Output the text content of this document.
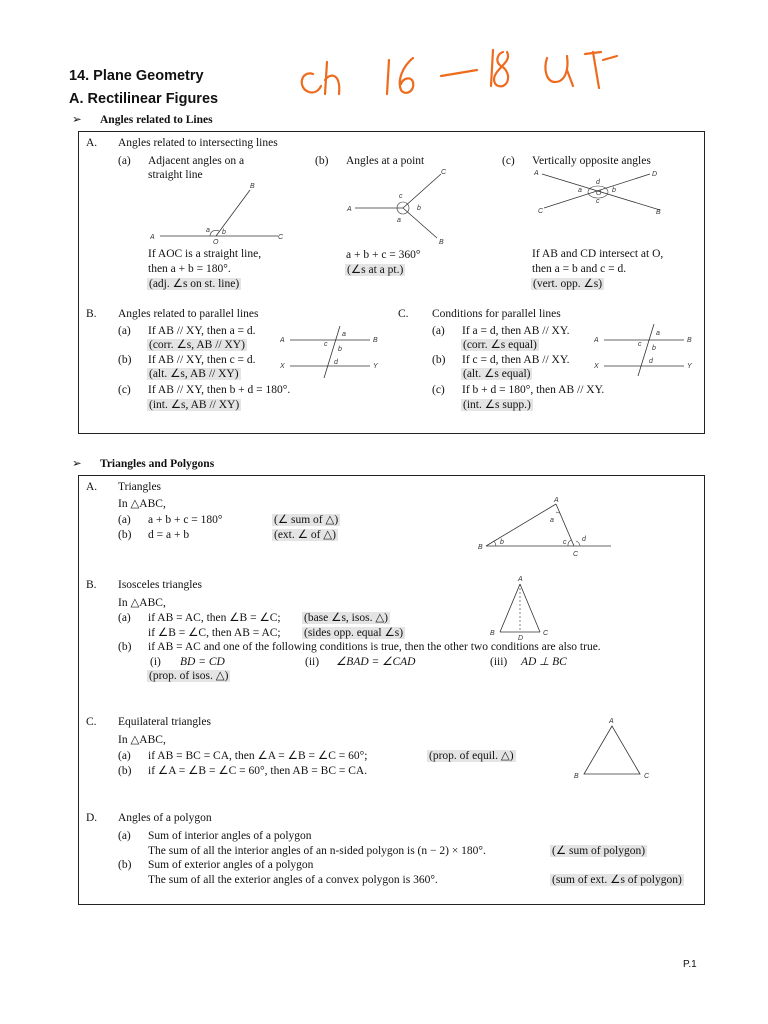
14. Plane Geometry
A. Rectilinear Figures
➢ Angles related to Lines
A. Angles related to intersecting lines
(a) Adjacent angles on a
straight line
(b) Angles at a point	(c) Vertically opposite angles
A	C
B
O
a b
A
C
B
c
b
a
A	D
C	B
a	b
d
c
O
If AOC is a straight line,
then a + b = 180°.
(adj. ∠s on st. line)
a + b + c = 360°
(∠s at a pt.)
If AB and CD intersect at O,
then a = b and c = d.
(vert. opp. ∠s)
B. Angles related to parallel lines
(a) If AB // XY, then a = d.
(corr. ∠s, AB // XY)
(b) If AB // XY, then c = d.
(alt. ∠s, AB // XY)
(c) If AB // XY, then b + d = 180°.
(int. ∠s, AB // XY)
A	B
X	Y
a
c
b
d
C. Conditions for parallel lines
(a) If a = d, then AB // XY.
(corr. ∠s equal)
(b) If c = d, then AB // XY.
(alt. ∠s equal)
(c) If b + d = 180°, then AB // XY.
(int. ∠s supp.)
A	B
X	Y
a
c
b
d
➢ Triangles and Polygons
A. Triangles
In △ABC,
(a) a + b + c = 180°	(∠ sum of △)
(b) d = a + b	(ext. ∠ of △)
A
B
C
a
b	c d
B. Isosceles triangles
In △ABC,
(a) if AB = AC, then ∠B = ∠C; (base ∠s, isos. △)
if ∠B = ∠C, then AB = AC; (sides opp. equal ∠s)
(b) if AB = AC and one of the following conditions is true, then the other two conditions are also true.
(i) BD = CD	(ii) ∠BAD = ∠CAD	(iii) AD ⊥ BC
(prop. of isos. △)
A
B	C
D
C. Equilateral triangles
In △ABC,
(a) if AB = BC = CA, then ∠A = ∠B = ∠C = 60°;	(prop. of equil. △)
(b) if ∠A = ∠B = ∠C = 60°, then AB = BC = CA.
A
B	C
D. Angles of a polygon
(a) Sum of interior angles of a polygon
The sum of all the interior angles of an n-sided polygon is (n − 2) × 180°.	(∠ sum of polygon)
(b) Sum of exterior angles of a polygon
The sum of all the exterior angles of a convex polygon is 360°.	(sum of ext. ∠s of polygon)
P.1
